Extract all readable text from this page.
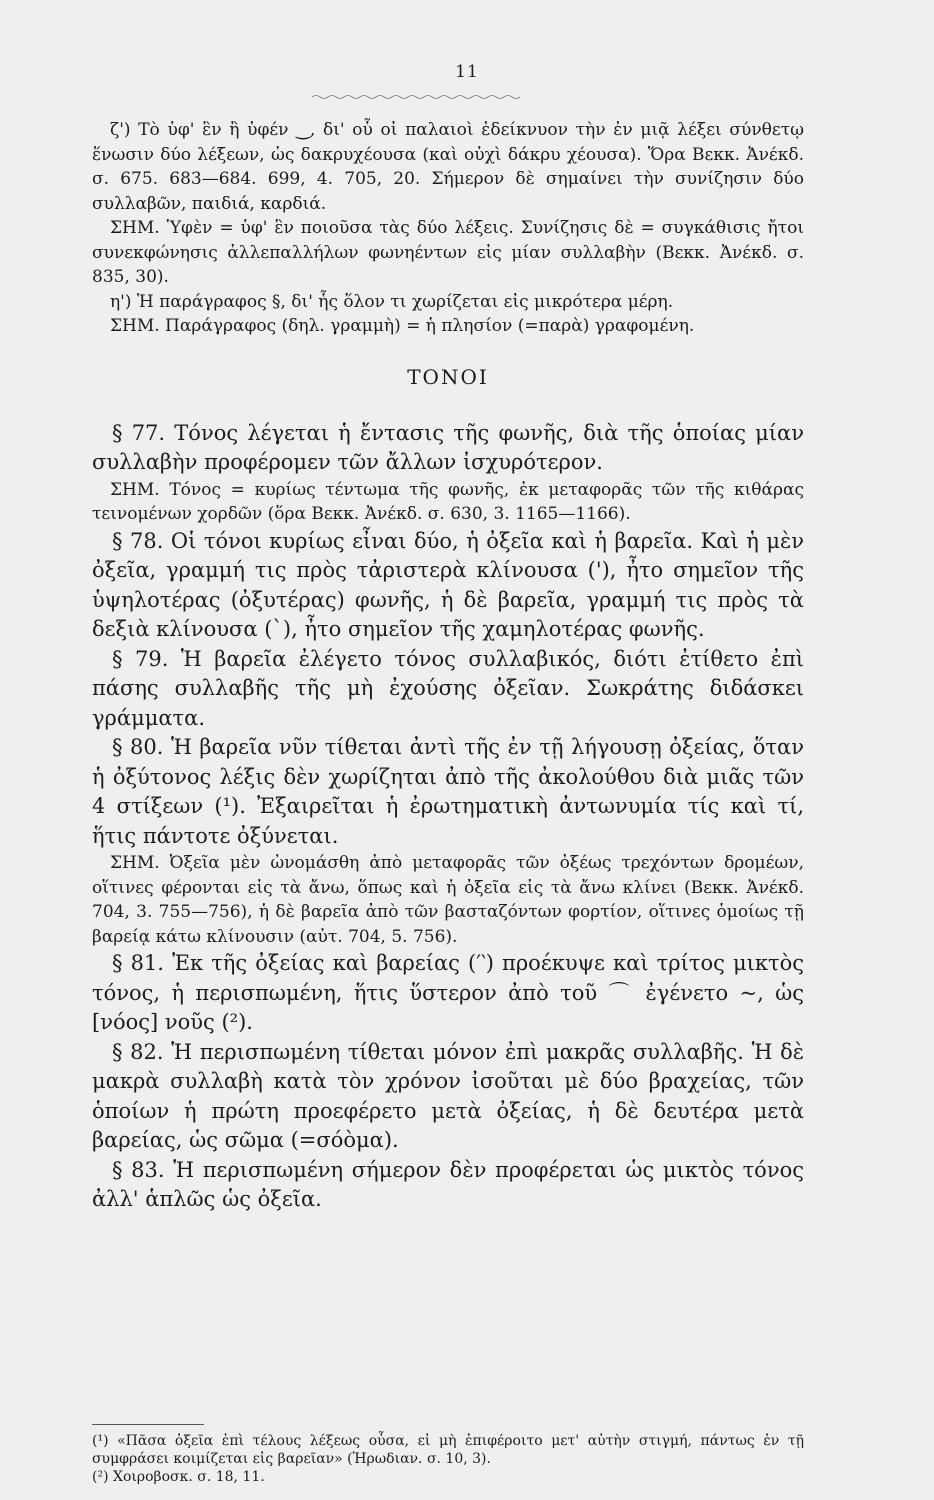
11

ζ') Τὸ ὑφ' ἓν ἢ ὑφέν ‿, δι' οὗ οἱ παλαιοὶ ἐδείκνυον τὴν ἐν μιᾷ λέξει σύνθετῳ ἕνωσιν δύο λέξεων, ὡς δακρυχέουσα (καὶ οὐχὶ δάκρυ χέουσα). Ὅρα Βεκκ. Ἀνέκδ. σ. 675. 683—684. 699, 4. 705, 20. Σήμερον δὲ σημαίνει τὴν συνίζησιν δύο συλλαβῶν, παιδιά, καρδιά.

ΣΗΜ. Ὑφὲν = ὑφ' ἓν ποιοῦσα τὰς δύο λέξεις. Συνίζησις δὲ = συγκάθισις ἤτοι συνεκφώνησις ἀλλεπαλλήλων φωνηέντων εἰς μίαν συλλαβὴν (Βεκκ. Ἀνέκδ. σ. 835, 30).

η') Ἡ παράγραφος §, δι' ἧς ὅλον τι χωρίζεται εἰς μικρότερα μέρη.

ΣΗΜ. Παράγραφος (δηλ. γραμμὴ) = ἡ πλησίον (=παρὰ) γραφομένη.

ΤΟΝΟΙ

§ 77. Τόνος λέγεται ἡ ἔντασις τῆς φωνῆς, διὰ τῆς ὁποίας μίαν συλλαβὴν προφέρομεν τῶν ἄλλων ἰσχυρότερον.

ΣΗΜ. Τόνος = κυρίως τέντωμα τῆς φωνῆς, ἐκ μεταφορᾶς τῶν τῆς κιθάρας τεινομένων χορδῶν (ὅρα Βεκκ. Ἀνέκδ. σ. 630, 3. 1165—1166).

§ 78. Οἱ τόνοι κυρίως εἶναι δύο, ἡ ὀξεῖα καὶ ἡ βαρεῖα. Καὶ ἡ μὲν ὀξεῖα, γραμμή τις πρὸς τἀριστερὰ κλίνουσα ('), ἦτο σημεῖον τῆς ὑψηλοτέρας (ὀξυτέρας) φωνῆς, ἡ δὲ βαρεῖα, γραμμή τις πρὸς τὰ δεξιὰ κλίνουσα (`), ἦτο σημεῖον τῆς χαμηλοτέρας φωνῆς.

§ 79. Ἡ βαρεῖα ἐλέγετο τόνος συλλαβικός, διότι ἐτίθετο ἐπὶ πάσης συλλαβῆς τῆς μὴ ἐχούσης ὀξεῖαν. Σωκράτης διδάσκει γράμματα.

§ 80. Ἡ βαρεῖα νῦν τίθεται ἀντὶ τῆς ἐν τῇ λήγουσῃ ὀξείας, ὅταν ἡ ὀξύτονος λέξις δὲν χωρίζηται ἀπὸ τῆς ἀκολούθου διὰ μιᾶς τῶν 4 στίξεων (¹). Ἐξαιρεῖται ἡ ἐρωτηματικὴ ἀντωνυμία τίς καὶ τί, ἥτις πάντοτε ὀξύνεται.

ΣΗΜ. Ὀξεῖα μὲν ὠνομάσθη ἀπὸ μεταφορᾶς τῶν ὀξέως τρεχόντων δρομέων, οἵτινες φέρονται εἰς τὰ ἄνω, ὅπως καὶ ἡ ὀξεῖα εἰς τὰ ἄνω κλίνει (Βεκκ. Ἀνέκδ. 704, 3. 755—756), ἡ δὲ βαρεῖα ἀπὸ τῶν βασταζόντων φορτίον, οἵτινες ὁμοίως τῇ βαρείᾳ κάτω κλίνουσιν (αὐτ. 704, 5. 756).

§ 81. Ἐκ τῆς ὀξείας καὶ βαρείας (′‵) προέκυψε καὶ τρίτος μικτὸς τόνος, ἡ περισπωμένη, ἥτις ὕστερον ἀπὸ τοῦ ⌒ ἐγένετο ~, ὡς [νόος] νοῦς (²).

§ 82. Ἡ περισπωμένη τίθεται μόνον ἐπὶ μακρᾶς συλλαβῆς. Ἡ δὲ μακρὰ συλλαβὴ κατὰ τὸν χρόνον ἰσοῦται μὲ δύο βραχείας, τῶν ὁποίων ἡ πρώτη προεφέρετο μετὰ ὀξείας, ἡ δὲ δευτέρα μετὰ βαρείας, ὡς σῶμα (=σόὸμα).

§ 83. Ἡ περισπωμένη σήμερον δὲν προφέρεται ὡς μικτὸς τόνος ἀλλ' ἁπλῶς ὡς ὀξεῖα.

(¹) «Πᾶσα ὀξεῖα ἐπὶ τέλους λέξεως οὖσα, εἰ μὴ ἐπιφέροιτο μετ' αὐτὴν στιγμή, πάντως ἐν τῇ συμφράσει κοιμίζεται εἰς βαρεῖαν» (Ἡρωδιαν. σ. 10, 3).

(²) Χοιροβοσκ. σ. 18, 11.
